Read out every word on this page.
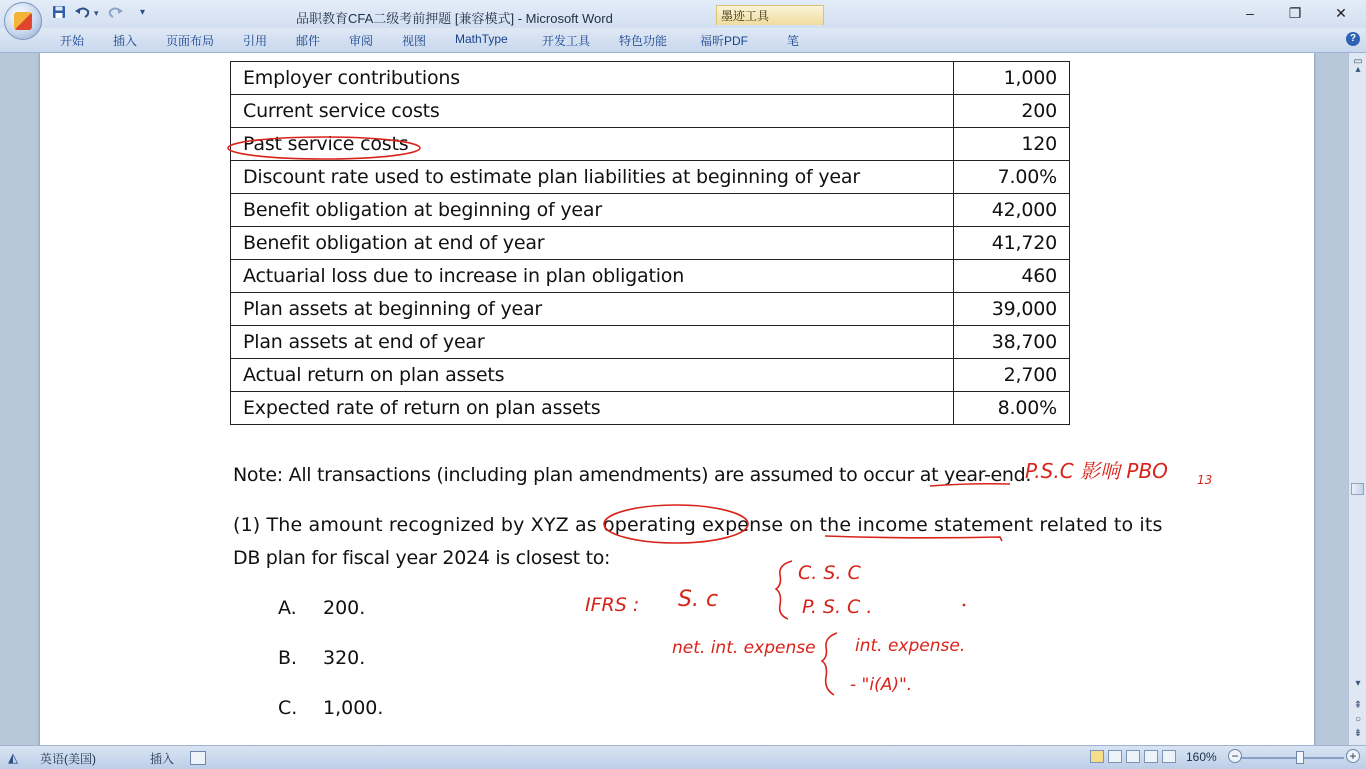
▾	▾	品职教育CFA二级考前押题 [兼容模式] - Microsoft Word	墨迹工具	–	❐	✕
开始 插入 页面布局 引用 邮件 审阅 视图 MathType	开发工具 特色功能	福昕PDF	笔	?
Employer contributions	1,000
Current service costs	200
Past service costs	120
Discount rate used to estimate plan liabilities at beginning of year	7.00%
Benefit obligation at beginning of year	42,000
Benefit obligation at end of year	41,720
Actuarial loss due to increase in plan obligation	460
Plan assets at beginning of year	39,000
Plan assets at end of year	38,700
Actual return on plan assets	2,700
Expected rate of return on plan assets	8.00%
Note: All transactions (including plan amendments) are assumed to occur at year-end.
(1) The amount recognized by XYZ as operating expense on the income statement related to its
DB plan for fiscal year 2024 is closest to:
A. 200.
B. 320.
C. 1,000.
P.S.C 影响 PBO 13
IFRS : S. c
C. S. C
P. S. C .
net. int. expense int. expense.
- "i(A)".
▭
▴
▾
⇞
○
⇟
◭ 英语(美国)	插入	160% −	+
